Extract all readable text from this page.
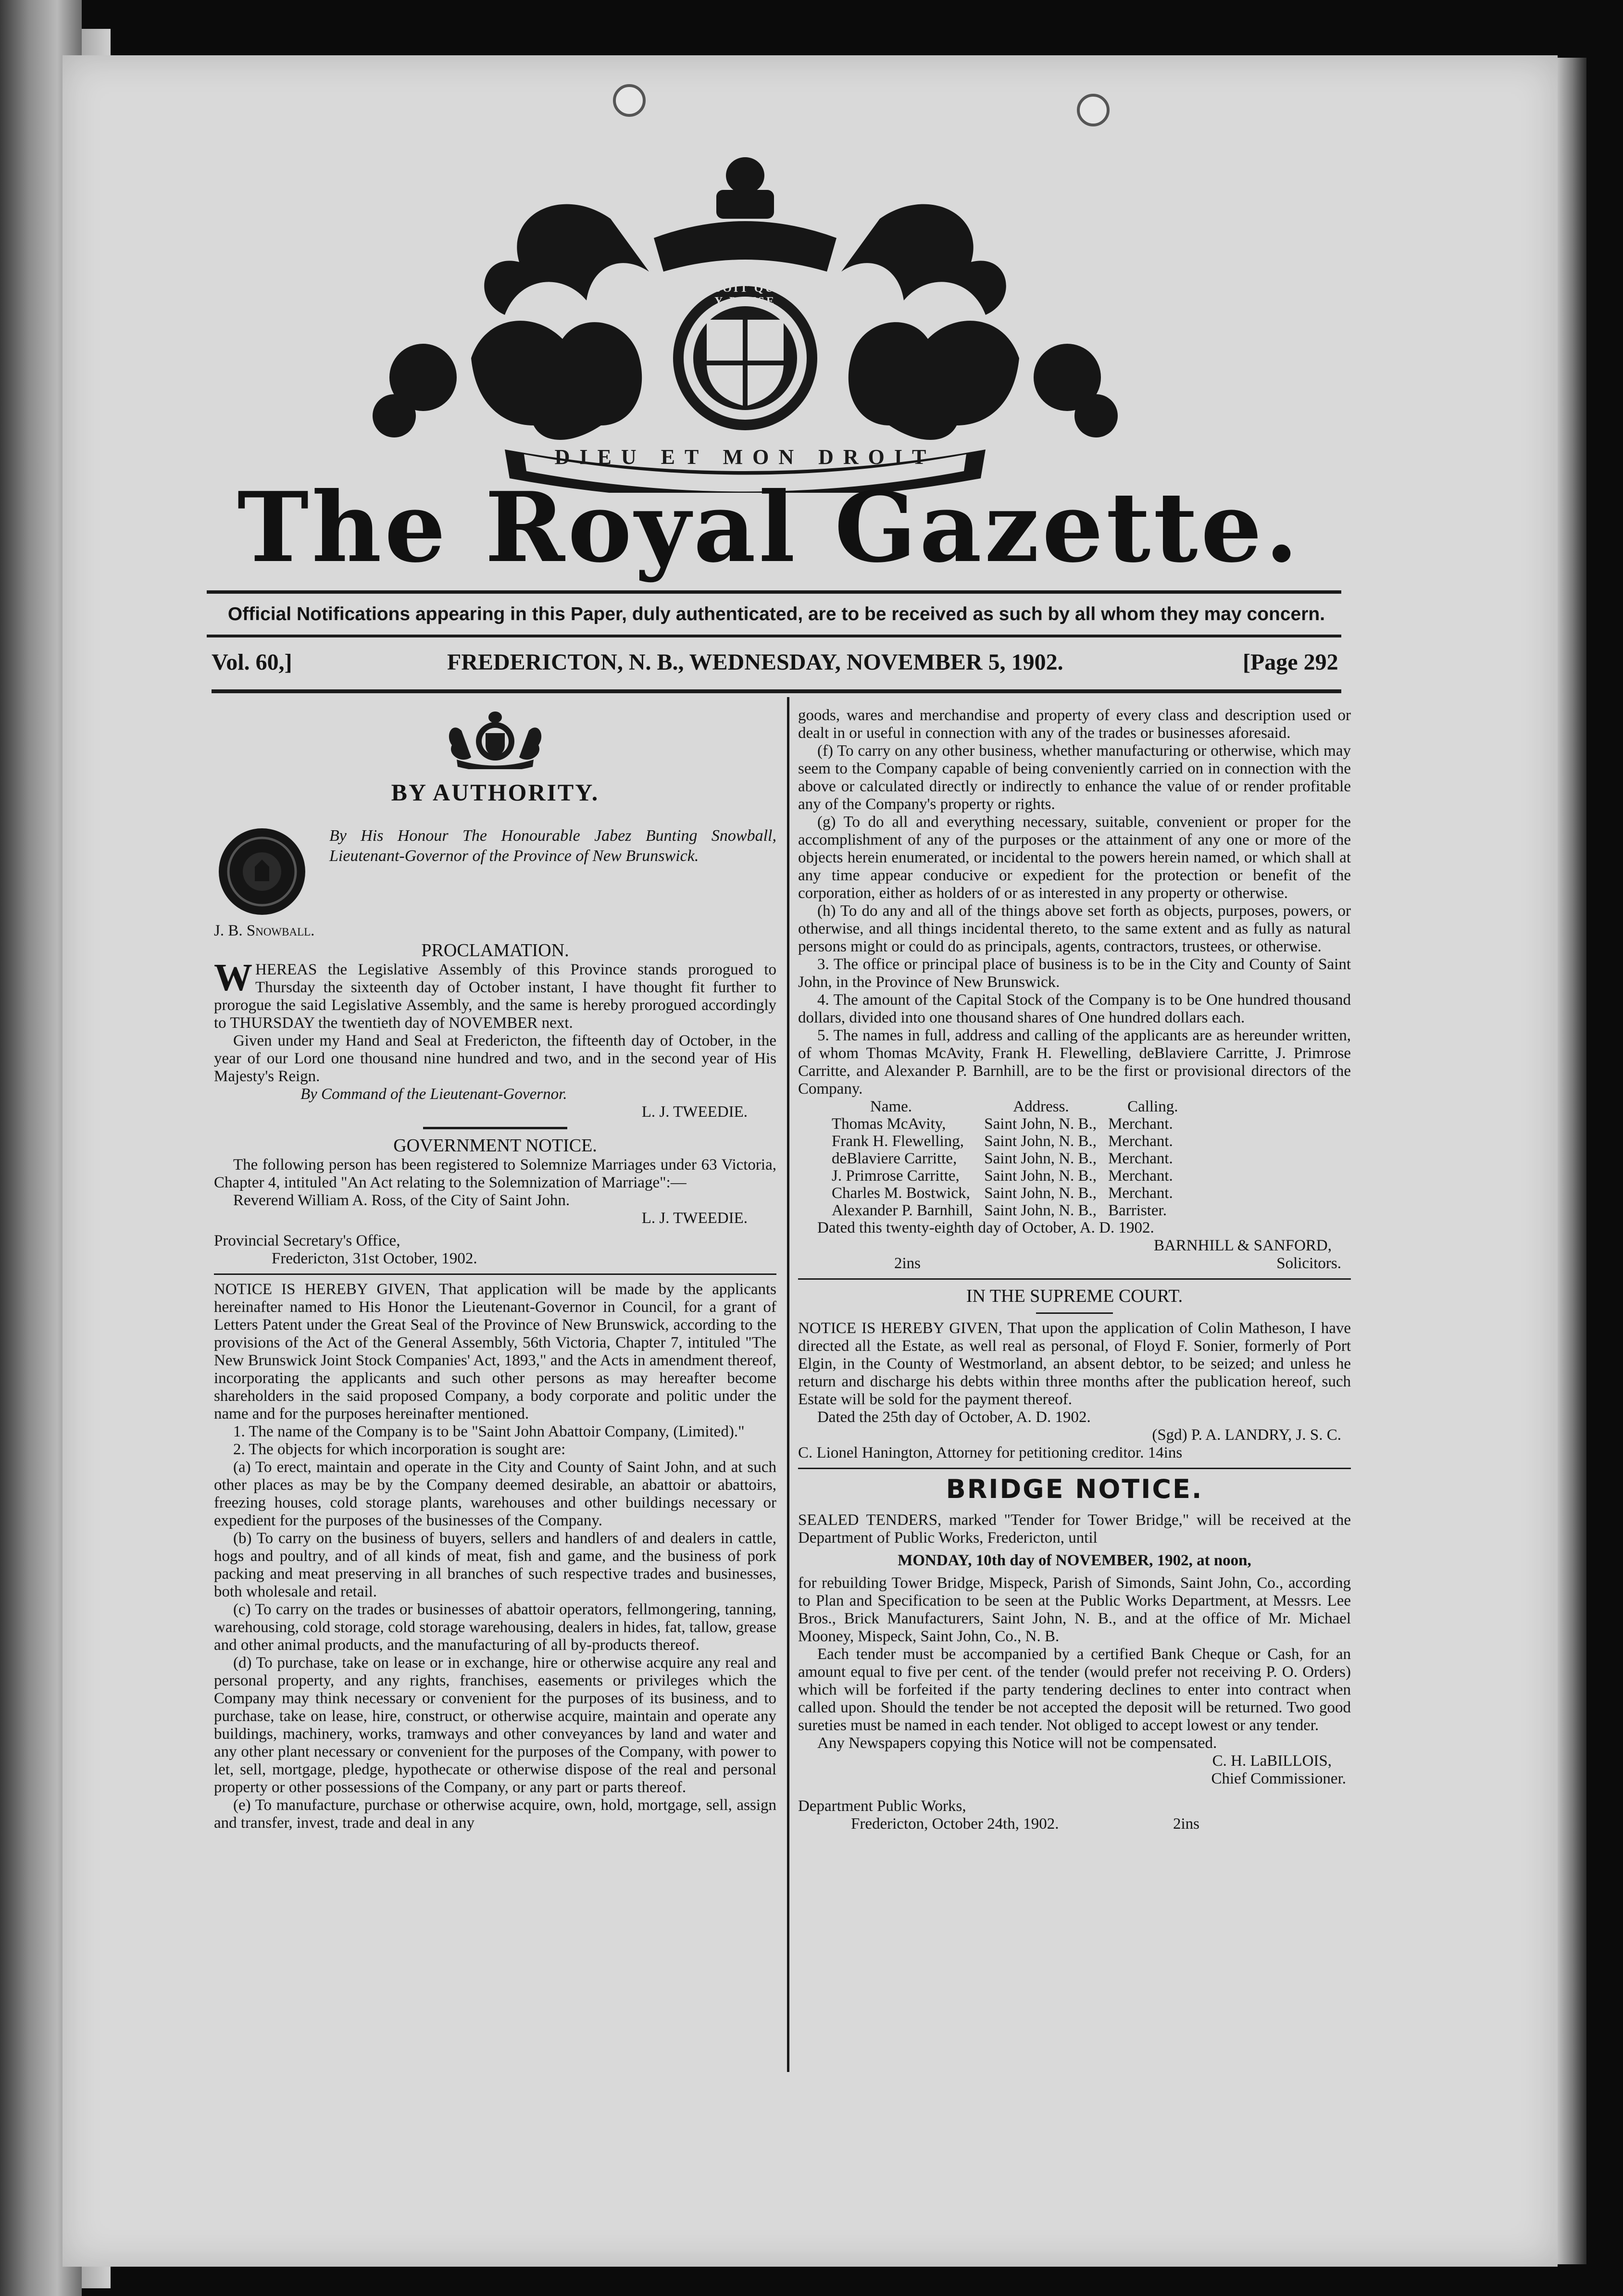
DIEU ET MON DROIT
HONI SOIT QUI MAL Y PENSE
The Royal Gazette.
Official Notifications appearing in this Paper, duly authenticated, are to be received as such by all whom they may concern.
Vol. 60,]	FREDERICTON, N. B., WEDNESDAY, NOVEMBER 5, 1902.	[Page 292
BY AUTHORITY.
By His Honour The Honourable Jabez Bunting Snowball, Lieutenant-Governor of the Province of New Brunswick.

J. B. Snowball.

PROCLAMATION.

WHEREAS the Legislative Assembly of this Province stands prorogued to Thursday the sixteenth day of October instant, I have thought fit further to prorogue the said Legislative Assembly, and the same is hereby prorogued accordingly to THURSDAY the twentieth day of NOVEMBER next.

Given under my Hand and Seal at Fredericton, the fifteenth day of October, in the year of our Lord one thousand nine hundred and two, and in the second year of His Majesty's Reign.

By Command of the Lieutenant-Governor.

L. J. TWEEDIE.

GOVERNMENT NOTICE.

The following person has been registered to Solemnize Marriages under 63 Victoria, Chapter 4, intituled "An Act relating to the Solemnization of Marriage":—

Reverend William A. Ross, of the City of Saint John.

L. J. TWEEDIE.

Provincial Secretary's Office,

Fredericton, 31st October, 1902.

NOTICE IS HEREBY GIVEN, That application will be made by the applicants hereinafter named to His Honor the Lieutenant-Governor in Council, for a grant of Letters Patent under the Great Seal of the Province of New Brunswick, according to the provisions of the Act of the General Assembly, 56th Victoria, Chapter 7, intituled "The New Brunswick Joint Stock Companies' Act, 1893," and the Acts in amendment thereof, incorporating the applicants and such other persons as may hereafter become shareholders in the said proposed Company, a body corporate and politic under the name and for the purposes hereinafter mentioned.

1. The name of the Company is to be "Saint John Abattoir Company, (Limited)."

2. The objects for which incorporation is sought are:

(a) To erect, maintain and operate in the City and County of Saint John, and at such other places as may be by the Company deemed desirable, an abattoir or abattoirs, freezing houses, cold storage plants, warehouses and other buildings necessary or expedient for the purposes of the businesses of the Company.

(b) To carry on the business of buyers, sellers and handlers of and dealers in cattle, hogs and poultry, and of all kinds of meat, fish and game, and the business of pork packing and meat preserving in all branches of such respective trades and businesses, both wholesale and retail.

(c) To carry on the trades or businesses of abattoir operators, fellmongering, tanning, warehousing, cold storage, cold storage warehousing, dealers in hides, fat, tallow, grease and other animal products, and the manufacturing of all by-products thereof.

(d) To purchase, take on lease or in exchange, hire or otherwise acquire any real and personal property, and any rights, franchises, easements or privileges which the Company may think necessary or convenient for the purposes of its business, and to purchase, take on lease, hire, construct, or otherwise acquire, maintain and operate any buildings, machinery, works, tramways and other conveyances by land and water and any other plant necessary or convenient for the purposes of the Company, with power to let, sell, mortgage, pledge, hypothecate or otherwise dispose of the real and personal property or other possessions of the Company, or any part or parts thereof.

(e) To manufacture, purchase or otherwise acquire, own, hold, mortgage, sell, assign and transfer, invest, trade and deal in any

goods, wares and merchandise and property of every class and description used or dealt in or useful in connection with any of the trades or businesses aforesaid.

(f) To carry on any other business, whether manufacturing or otherwise, which may seem to the Company capable of being conveniently carried on in connection with the above or calculated directly or indirectly to enhance the value of or render profitable any of the Company's property or rights.

(g) To do all and everything necessary, suitable, convenient or proper for the accomplishment of any of the purposes or the attainment of any one or more of the objects herein enumerated, or incidental to the powers herein named, or which shall at any time appear conducive or expedient for the protection or benefit of the corporation, either as holders of or as interested in any property or otherwise.

(h) To do any and all of the things above set forth as objects, purposes, powers, or otherwise, and all things incidental thereto, to the same extent and as fully as natural persons might or could do as principals, agents, contractors, trustees, or otherwise.

3. The office or principal place of business is to be in the City and County of Saint John, in the Province of New Brunswick.

4. The amount of the Capital Stock of the Company is to be One hundred thousand dollars, divided into one thousand shares of One hundred dollars each.

5. The names in full, address and calling of the applicants are as hereunder written, of whom Thomas McAvity, Frank H. Flewelling, deBlaviere Carritte, J. Primrose Carritte, and Alexander P. Barnhill, are to be the first or provisional directors of the Company.

Name.	Address.	Calling.
Thomas McAvity,	Saint John, N. B.,	Merchant.
Frank H. Flewelling,	Saint John, N. B.,	Merchant.
deBlaviere Carritte,	Saint John, N. B.,	Merchant.
J. Primrose Carritte,	Saint John, N. B.,	Merchant.
Charles M. Bostwick,	Saint John, N. B.,	Merchant.
Alexander P. Barnhill,	Saint John, N. B.,	Barrister.

Dated this twenty-eighth day of October, A. D. 1902.

BARNHILL & SANFORD,

2ins	Solicitors.
IN THE SUPREME COURT.

NOTICE IS HEREBY GIVEN, That upon the application of Colin Matheson, I have directed all the Estate, as well real as personal, of Floyd F. Sonier, formerly of Port Elgin, in the County of Westmorland, an absent debtor, to be seized; and unless he return and discharge his debts within three months after the publication hereof, such Estate will be sold for the payment thereof.

Dated the 25th day of October, A. D. 1902.

(Sgd) P. A. LANDRY, J. S. C.

C. Lionel Hanington, Attorney for petitioning creditor. 14ins

BRIDGE NOTICE.

SEALED TENDERS, marked "Tender for Tower Bridge," will be received at the Department of Public Works, Fredericton, until

MONDAY, 10th day of NOVEMBER, 1902, at noon,

for rebuilding Tower Bridge, Mispeck, Parish of Simonds, Saint John, Co., according to Plan and Specification to be seen at the Public Works Department, at Messrs. Lee Bros., Brick Manufacturers, Saint John, N. B., and at the office of Mr. Michael Mooney, Mispeck, Saint John, Co., N. B.

Each tender must be accompanied by a certified Bank Cheque or Cash, for an amount equal to five per cent. of the tender (would prefer not receiving P. O. Orders) which will be forfeited if the party tendering declines to enter into contract when called upon. Should the tender be not accepted the deposit will be returned. Two good sureties must be named in each tender. Not obliged to accept lowest or any tender.

Any Newspapers copying this Notice will not be compensated.

C. H. LaBILLOIS,

Chief Commissioner.

Department Public Works,

Fredericton, October 24th, 1902.	2ins
